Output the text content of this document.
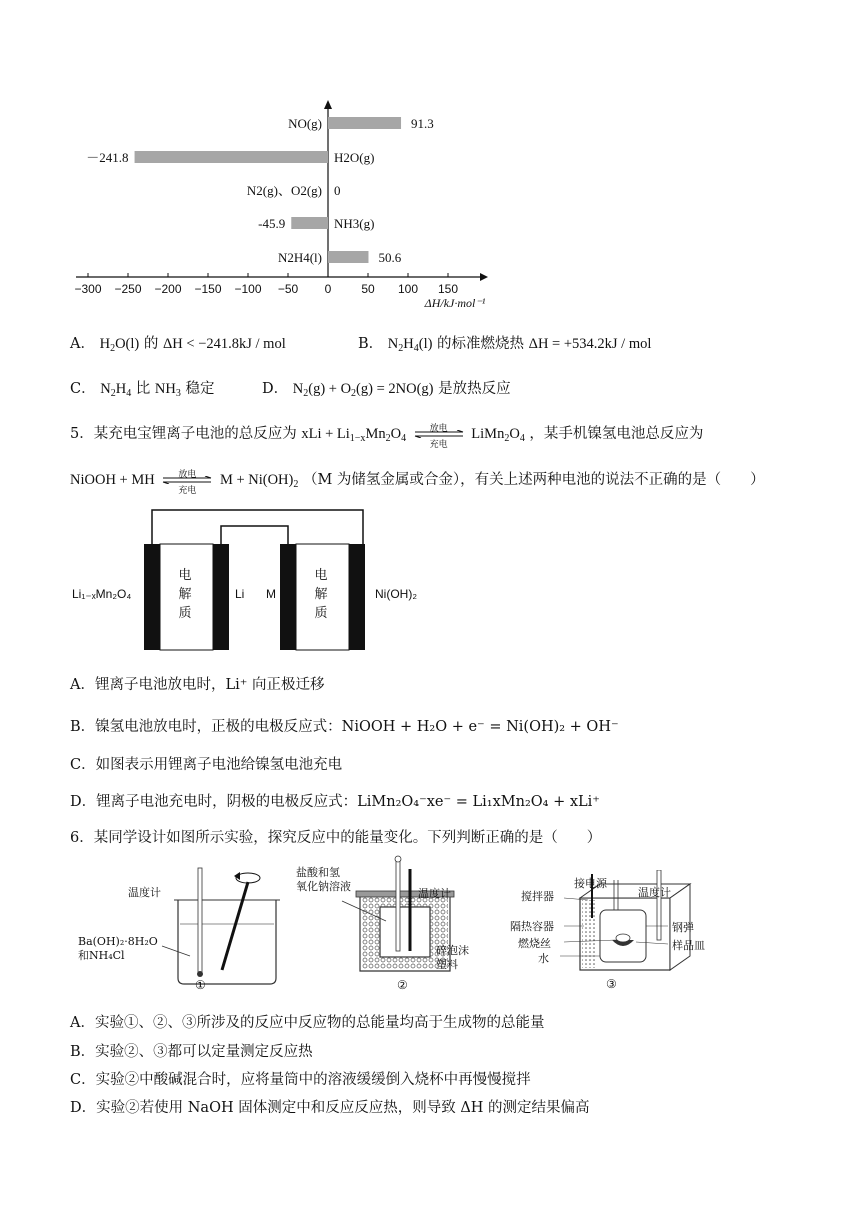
−300 −250 −200 −150 −100 −50 0 50 100 150
ΔH/kJ·mol⁻¹
NO(g)	91.3
H2O(g)
－241.8
N2(g)、O2(g) 0
NH3(g)
-45.9
N2H4(l)	50.6
A． $H_2O(l)$ 的 ΔH < −241.8kJ / mol	B． $N_2H_4(l)$ 的标准燃烧热 ΔH = +534.2kJ / mol
C． $N_2H_4$ 比 $NH_3$ 稳定	D． $N_2(g) + O_2(g) = 2NO(g)$ 是放热反应
5．某充电宝锂离子电池的总反应为 xLi + $Li_{1-x}Mn_2O_4$
放电
充电
$LiMn_2O_4$ ，某手机镍氢电池总反应为
NiOOH + MH	放电
充电
$M + Ni(OH)_2$ （M 为储氢金属或合金），有关上述两种电池的说法不正确的是（　　）
Li₁₋ₓMn₂O₄
电
解
质
Li M
电
解
质
Ni(OH)₂
A．锂离子电池放电时，Li⁺ 向正极迁移
B．镍氢电池放电时，正极的电极反应式：NiOOH + H₂O + e⁻ = Ni(OH)₂ + OH⁻
C．如图表示用锂离子电池给镍氢电池充电
D．锂离子电池充电时，阴极的电极反应式：LiMn₂O₄⁻xe⁻ = Li₁xMn₂O₄ + xLi⁺
6．某同学设计如图所示实验，探究反应中的能量变化。下列判断正确的是（　　）
温度计
Ba(OH)₂·8H₂O
和NH₄Cl
①
盐酸和氢
氧化钠溶液
温度计
碎泡沫
塑料
②
搅拌器
接电源
温度计
隔热容器	钢弹
燃烧丝	样品皿
水
③
A．实验①、②、③所涉及的反应中反应物的总能量均高于生成物的总能量
B．实验②、③都可以定量测定反应热
C．实验②中酸碱混合时，应将量筒中的溶液缓缓倒入烧杯中再慢慢搅拌
D．实验②若使用 NaOH 固体测定中和反应反应热，则导致 ΔH 的测定结果偏高
